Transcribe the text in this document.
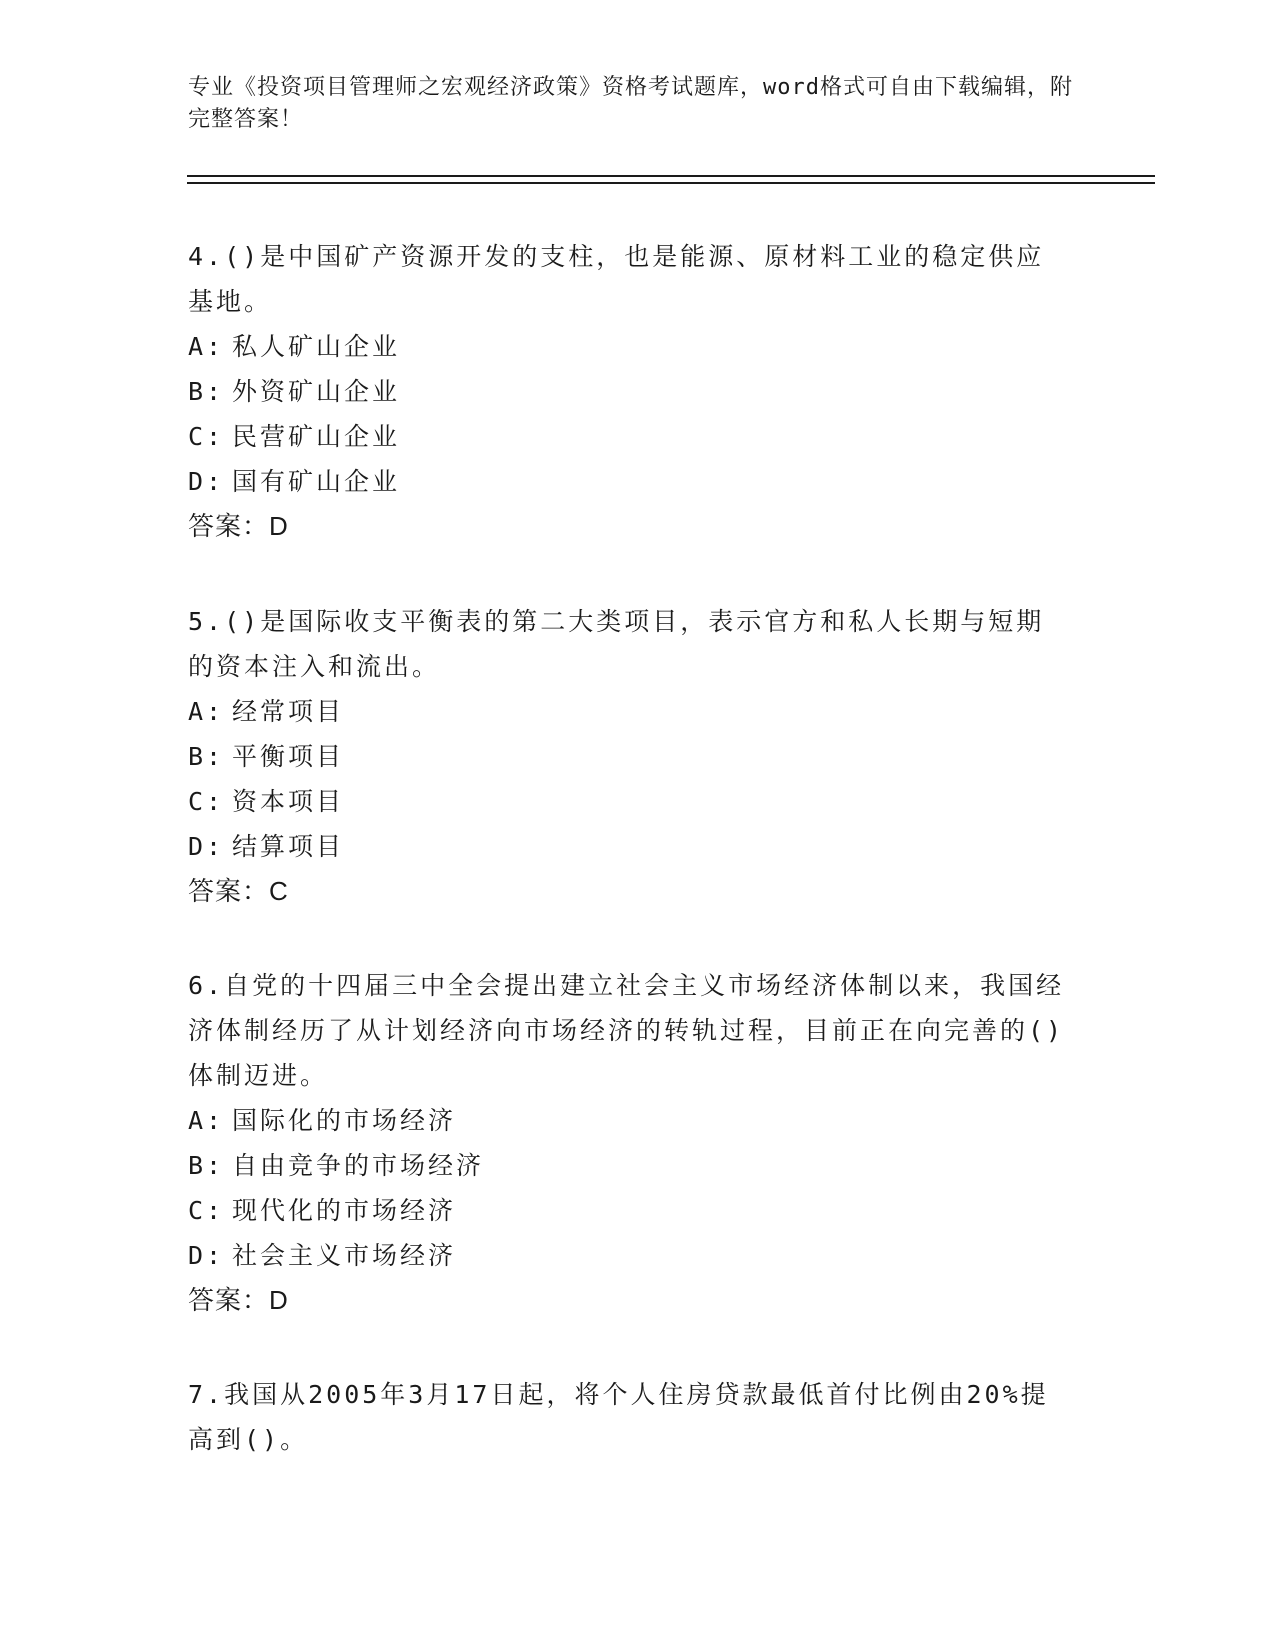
专业《投资项目管理师之宏观经济政策》资格考试题库，word格式可自由下载编辑，附完整答案！
4.()是中国矿产资源开发的支柱，也是能源、原材料工业的稳定供应基地。
A: 私人矿山企业
B: 外资矿山企业
C: 民营矿山企业
D: 国有矿山企业
答案：D
5.()是国际收支平衡表的第二大类项目，表示官方和私人长期与短期的资本注入和流出。
A: 经常项目
B: 平衡项目
C: 资本项目
D: 结算项目
答案：C
6.自党的十四届三中全会提出建立社会主义市场经济体制以来，我国经济体制经历了从计划经济向市场经济的转轨过程，目前正在向完善的()体制迈进。
A: 国际化的市场经济
B: 自由竞争的市场经济
C: 现代化的市场经济
D: 社会主义市场经济
答案：D
7.我国从2005年3月17日起，将个人住房贷款最低首付比例由20%提高到()。
